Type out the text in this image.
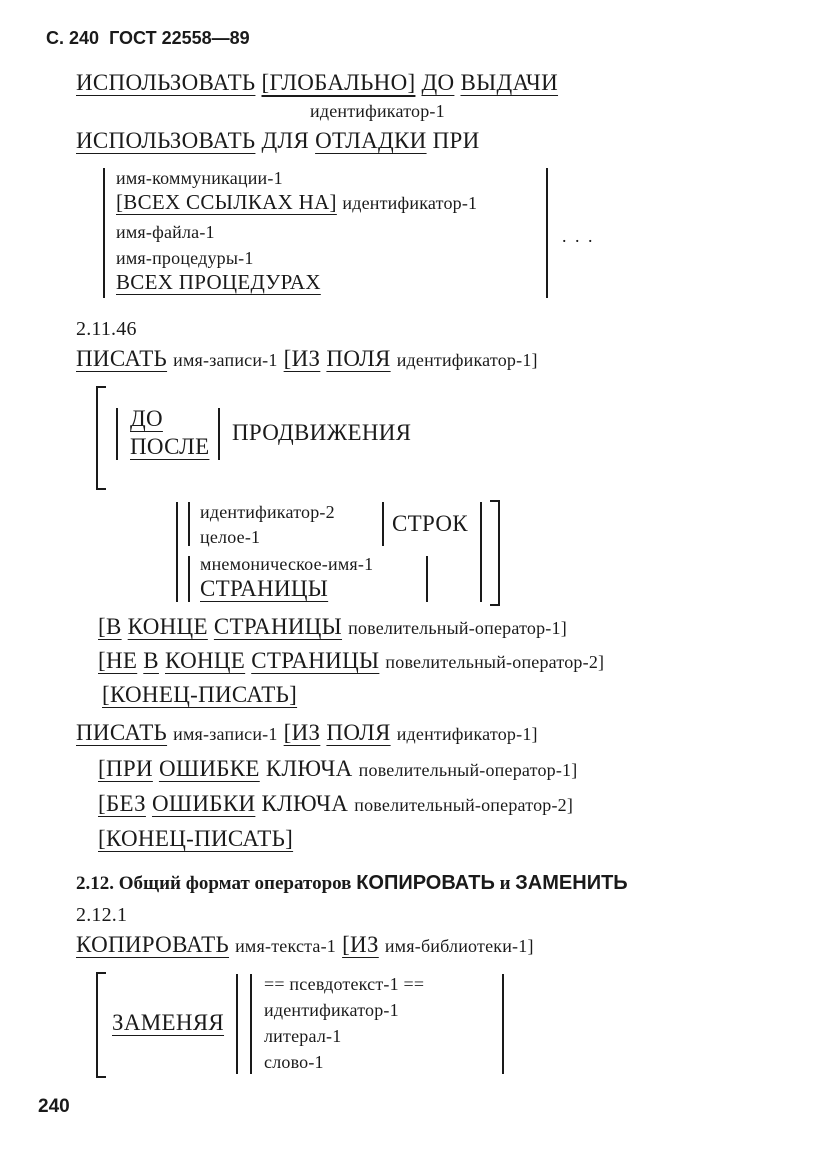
С. 240 ГОСТ 22558—89
ИСПОЛЬЗОВАТЬ [ГЛОБАЛЬНО] ДО ВЫДАЧИ
идентификатор-1
ИСПОЛЬЗОВАТЬ ДЛЯ ОТЛАДКИ ПРИ
имя-коммуникации-1
[ВСЕХ ССЫЛКАХ НА] идентификатор-1
имя-файла-1
имя-процедуры-1
ВСЕХ ПРОЦЕДУРАХ
. . .
2.11.46
ПИСАТЬ имя-записи-1 [ИЗ ПОЛЯ идентификатор-1]
ДО
ПОСЛЕ
ПРОДВИЖЕНИЯ
идентификатор-2
целое-1
СТРОК
мнемоническое-имя-1
СТРАНИЦЫ
[В КОНЦЕ СТРАНИЦЫ повелительный-оператор-1]
[НЕ В КОНЦЕ СТРАНИЦЫ повелительный-оператор-2]
[КОНЕЦ-ПИСАТЬ]
ПИСАТЬ имя-записи-1 [ИЗ ПОЛЯ идентификатор-1]
[ПРИ ОШИБКЕ КЛЮЧА повелительный-оператор-1]
[БЕЗ ОШИБКИ КЛЮЧА повелительный-оператор-2]
[КОНЕЦ-ПИСАТЬ]
2.12. Общий формат операторов КОПИРОВАТЬ и ЗАМЕНИТЬ
2.12.1
КОПИРОВАТЬ имя-текста-1 [ИЗ имя-библиотеки-1]
ЗАМЕНЯЯ
== псевдотекст-1 ==
идентификатор-1
литерал-1
слово-1
240
